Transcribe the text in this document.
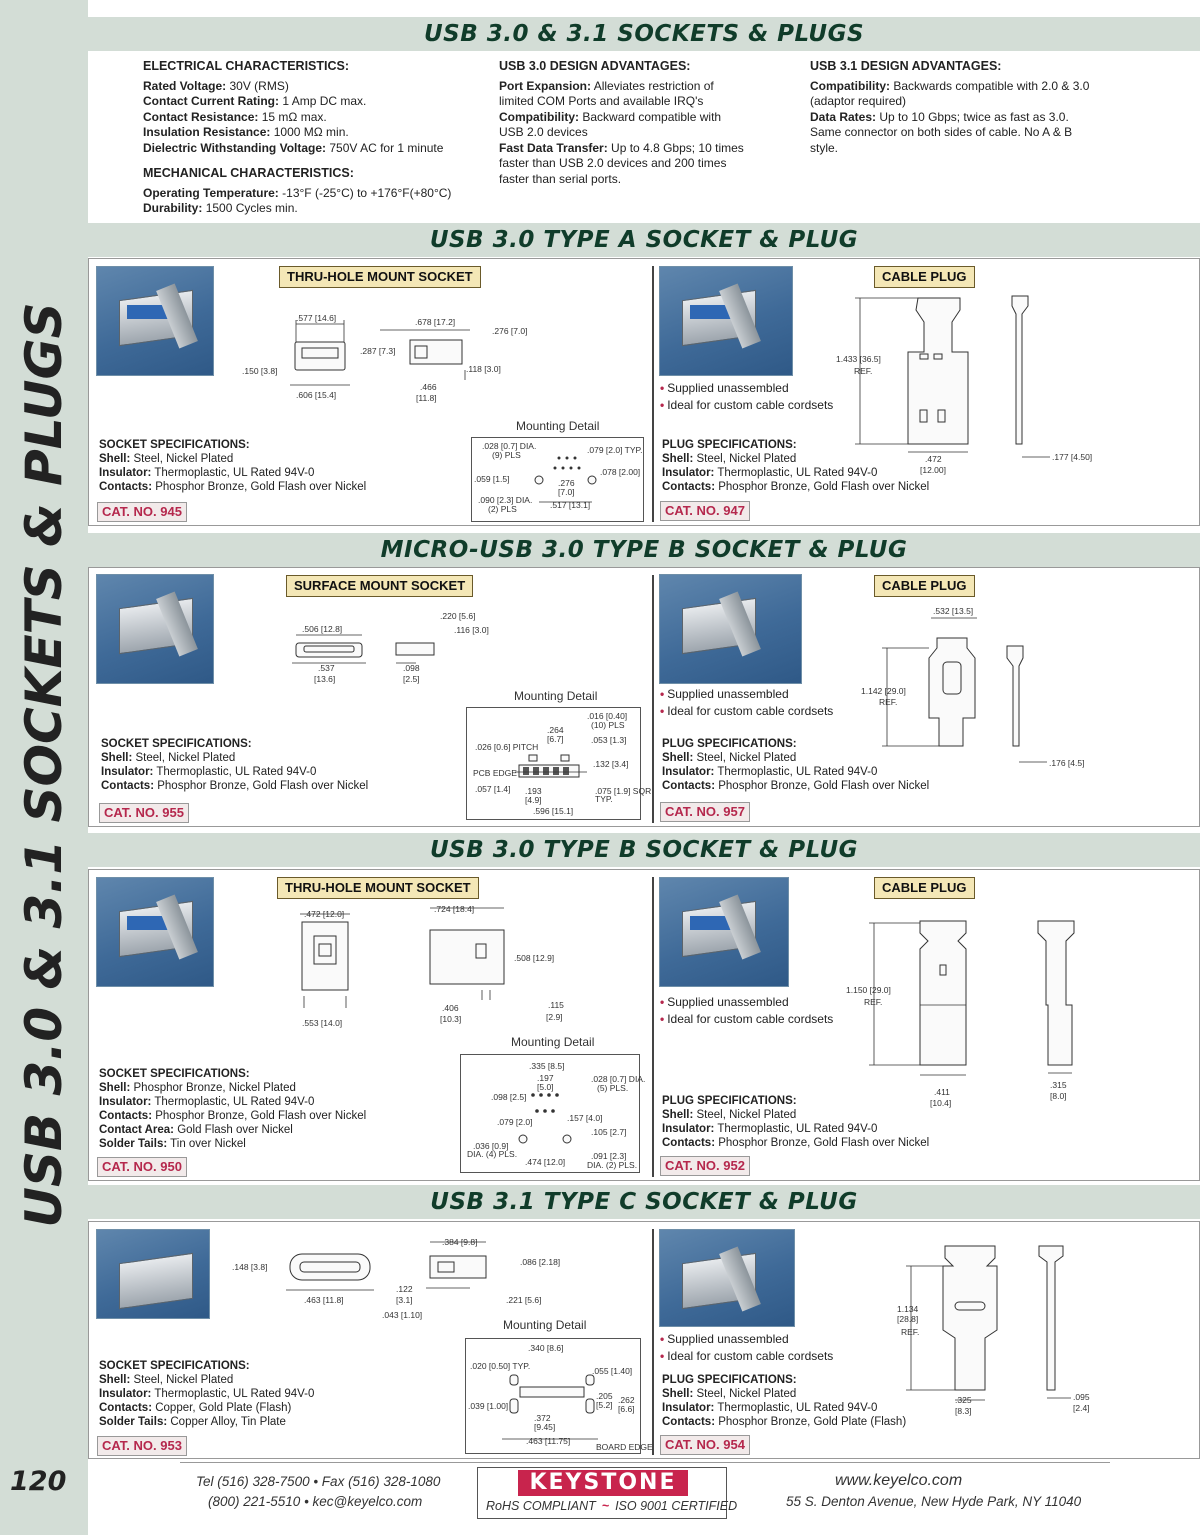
USB 3.0 & 3.1 SOCKETS & PLUGS
120
USB 3.0 & 3.1 SOCKETS & PLUGS
ELECTRICAL CHARACTERISTICS:
Rated Voltage: 30V (RMS)
Contact Current Rating: 1 Amp DC max.
Contact Resistance: 15 mΩ max.
Insulation Resistance: 1000 MΩ min.
Dielectric Withstanding Voltage: 750V AC for 1 minute
MECHANICAL CHARACTERISTICS:
Operating Temperature: -13°F (-25°C) to +176°F(+80°C)
Durability: 1500 Cycles min.
USB 3.0 DESIGN ADVANTAGES:
Port Expansion: Alleviates restriction of limited COM Ports and available IRQ's
Compatibility: Backward compatible with USB 2.0 devices
Fast Data Transfer: Up to 4.8 Gbps; 10 times faster than USB 2.0 devices and 200 times faster than serial ports.
USB 3.1 DESIGN ADVANTAGES:
Compatibility: Backwards compatible with 2.0 & 3.0 (adaptor required)
Data Rates: Up to 10 Gbps; twice as fast as 3.0. Same connector on both sides of cable. No A & B style.
USB 3.0 TYPE A SOCKET & PLUG
THRU-HOLE MOUNT SOCKET
.577 [14.6]	.678 [17.2]
.276 [7.0]
.287 [7.3]
.150 [3.8]	.118 [3.0]
.466
[11.8]
.606 [15.4]
Mounting Detail
.028 [0.7] DIA.
(9) PLS	.079 [2.0] TYP.
.059 [1.5]	.276
[7.0]
.078 [2.00]
.090 [2.3] DIA.
(2) PLS	.517 [13.1]
SOCKET SPECIFICATIONS:
Shell: Steel, Nickel Plated
Insulator: Thermoplastic, UL Rated 94V-0
Contacts: Phosphor Bronze, Gold Flash over Nickel
CAT. NO. 945
CABLE PLUG
• Supplied unassembled
• Ideal for custom cable cordsets
1.433 [36.5]
REF.
.472
[12.00]
.177 [4.50]
PLUG SPECIFICATIONS:
Shell: Steel, Nickel Plated
Insulator: Thermoplastic, UL Rated 94V-0
Contacts: Phosphor Bronze, Gold Flash over Nickel
CAT. NO. 947
MICRO-USB 3.0 TYPE B SOCKET & PLUG
SURFACE MOUNT SOCKET
.506 [12.8]
.220 [5.6]
.116 [3.0]
.537
[13.6]
.098
[2.5]
Mounting Detail
.016 [0.40]
(10) PLS
.264
[6.7]	.053 [1.3]
.026 [0.6] PITCH
.132 [3.4]
PCB EDGE
.057 [1.4] .193
[4.9]
.075 [1.9] SQR
TYP.
.596 [15.1]
SOCKET SPECIFICATIONS:
Shell: Steel, Nickel Plated
Insulator: Thermoplastic, UL Rated 94V-0
Contacts: Phosphor Bronze, Gold Flash over Nickel
CAT. NO. 955
CABLE PLUG
• Supplied unassembled
• Ideal for custom cable cordsets
.532 [13.5]
1.142 [29.0]
REF.
.176 [4.5]
PLUG SPECIFICATIONS:
Shell: Steel, Nickel Plated
Insulator: Thermoplastic, UL Rated 94V-0
Contacts: Phosphor Bronze, Gold Flash over Nickel
CAT. NO. 957
USB 3.0 TYPE B SOCKET & PLUG
THRU-HOLE MOUNT SOCKET
.472 [12.0]	.724 [18.4]
.508 [12.9]
.553 [14.0]
.406
[10.3]
.115
[2.9]
Mounting Detail
.335 [8.5]
.197
[5.0]
.028 [0.7] DIA.
(5) PLS.
.098 [2.5]
.079 [2.0]	.157 [4.0]
.105 [2.7]
.036 [0.9]
DIA. (4) PLS.
.474 [12.0]
.091 [2.3]
DIA. (2) PLS.
SOCKET SPECIFICATIONS:
Shell: Phosphor Bronze, Nickel Plated
Insulator: Thermoplastic, UL Rated 94V-0
Contacts: Phosphor Bronze, Gold Flash over Nickel
Contact Area: Gold Flash over Nickel
Solder Tails: Tin over Nickel
CAT. NO. 950
CABLE PLUG
• Supplied unassembled
• Ideal for custom cable cordsets
1.150 [29.0]
REF.
.411
[10.4]
.315
[8.0]
PLUG SPECIFICATIONS:
Shell: Steel, Nickel Plated
Insulator: Thermoplastic, UL Rated 94V-0
Contacts: Phosphor Bronze, Gold Flash over Nickel
CAT. NO. 952
USB 3.1 TYPE C SOCKET & PLUG
.148 [3.8]
.463 [11.8]
.384 [9.8]
.086 [2.18]
.122
[3.1]
.043 [1.10]
.221 [5.6]
Mounting Detail
.340 [8.6]
.020 [0.50] TYP.	.055 [1.40]
.205
[5.2] .262
[6.6]
.039 [1.00]
.372
[9.45]
.463 [11.75]
BOARD EDGE
SOCKET SPECIFICATIONS:
Shell: Steel, Nickel Plated
Insulator: Thermoplastic, UL Rated 94V-0
Contacts: Copper, Gold Plate (Flash)
Solder Tails: Copper Alloy, Tin Plate
CAT. NO. 953
• Supplied unassembled
• Ideal for custom cable cordsets
1.134
[28.8]
REF.
.325
[8.3]
.095
[2.4]
PLUG SPECIFICATIONS:
Shell: Steel, Nickel Plated
Insulator: Thermoplastic, UL Rated 94V-0
Contacts: Phosphor Bronze, Gold Plate (Flash)
CAT. NO. 954
Tel (516) 328-7500 • Fax (516) 328-1080
(800) 221-5510 • kec@keyelco.com
KEYSTONE
RoHS COMPLIANT ~ ISO 9001 CERTIFIED
www.keyelco.com
55 S. Denton Avenue, New Hyde Park, NY 11040
